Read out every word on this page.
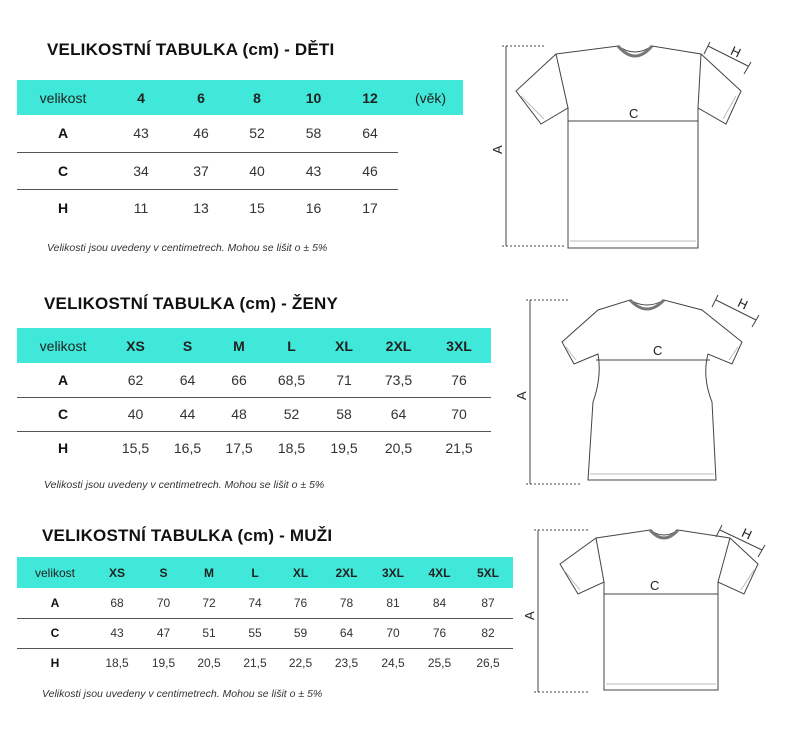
VELIKOSTNÍ TABULKA (cm) - DĚTI
velikost	4	6	8	10	12	(věk)
A	43	46	52	58	64	
C	34	37	40	43	46	
H	11	13	15	16	17	
Velikosti jsou uvedeny v centimetrech. Mohou se lišit o ± 5%
A
C
H
VELIKOSTNÍ TABULKA (cm) - ŽENY
velikost	XS	S	M	L	XL	2XL	3XL
A	62	64	66	68,5	71	73,5	76
C	40	44	48	52	58	64	70
H	15,5	16,5	17,5	18,5	19,5	20,5	21,5
Velikosti jsou uvedeny v centimetrech. Mohou se lišit o ± 5%
A
C
H
VELIKOSTNÍ TABULKA (cm) - MUŽI
velikost	XS	S	M	L	XL	2XL	3XL	4XL	5XL
A	68	70	72	74	76	78	81	84	87
C	43	47	51	55	59	64	70	76	82
H	18,5	19,5	20,5	21,5	22,5	23,5	24,5	25,5	26,5
Velikosti jsou uvedeny v centimetrech. Mohou se lišit o ± 5%
A
C
H
